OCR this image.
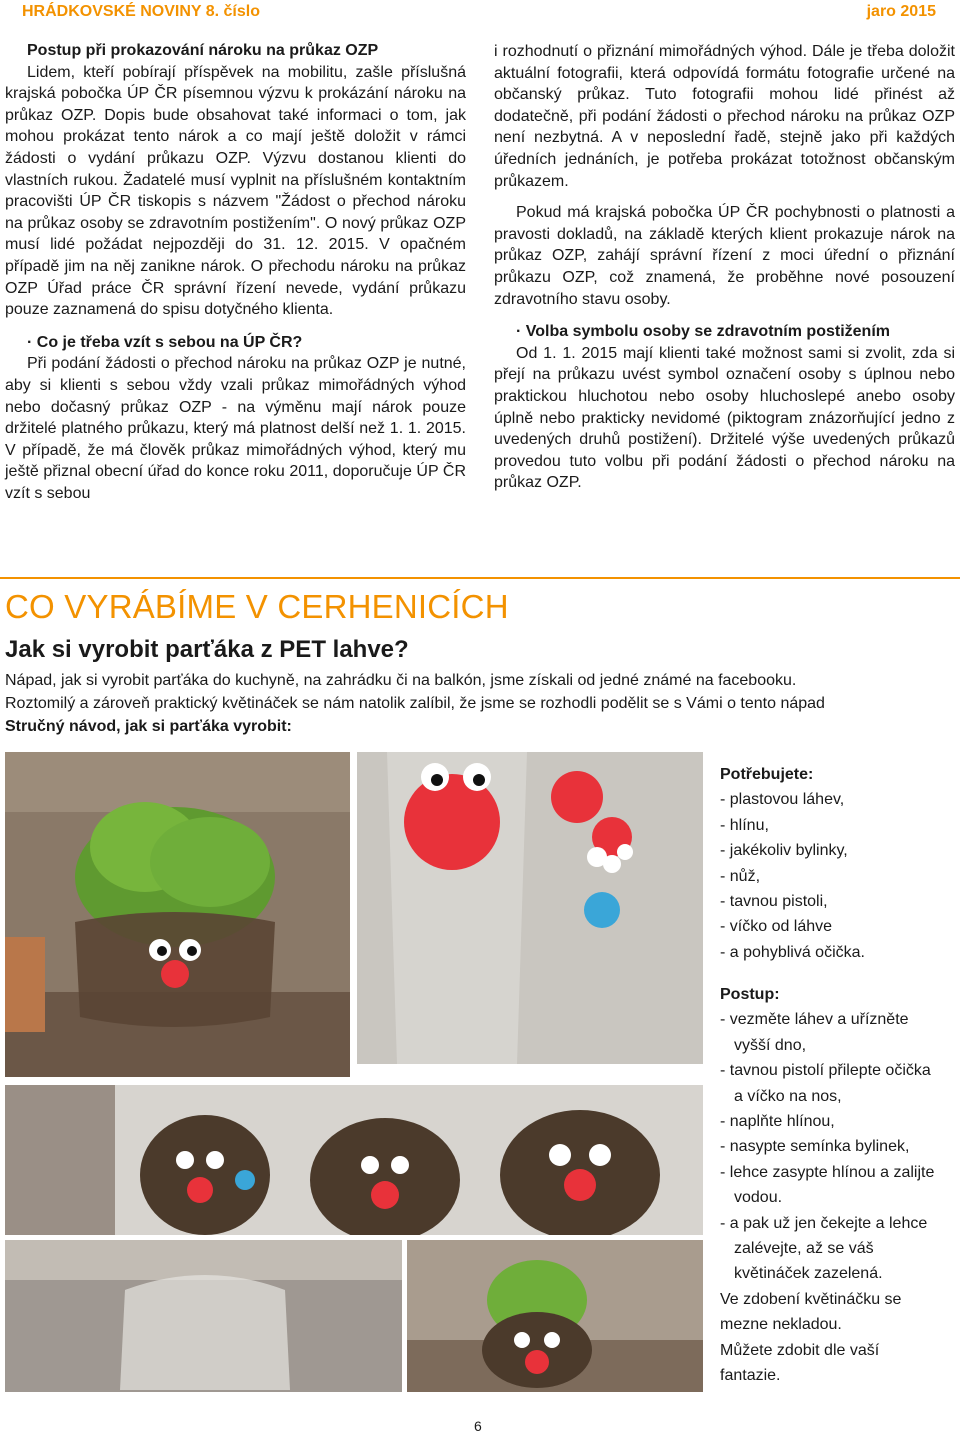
HRÁDKOVSKÉ NOVINY 8. číslo	jaro 2015

Postup při prokazování nároku na průkaz OZP

Lidem, kteří pobírají příspěvek na mobilitu, zašle příslušná krajská pobočka ÚP ČR písemnou výzvu k prokázání nároku na průkaz OZP. Dopis bude obsahovat také informaci o tom, jak mohou prokázat tento nárok a co mají ještě doložit v rámci žádosti o vydání průkazu OZP. Výzvu dostanou klienti do vlastních rukou. Žadatelé musí vyplnit na příslušném kontaktním pracovišti ÚP ČR tiskopis s názvem "Žádost o přechod nároku na průkaz osoby se zdravotním postižením". O nový průkaz OZP musí lidé požádat nejpozději do 31. 12. 2015. V opačném případě jim na něj zanikne nárok. O přechodu nároku na průkaz OZP Úřad práce ČR správní řízení nevede, vydání průkazu pouze zaznamená do spisu dotyčného klienta.

· Co je třeba vzít s sebou na ÚP ČR?

Při podání žádosti o přechod nároku na průkaz OZP je nutné, aby si klienti s sebou vždy vzali průkaz mimořádných výhod nebo dočasný průkaz OZP - na výměnu mají nárok pouze držitelé platného průkazu, který má platnost delší než 1. 1. 2015. V případě, že má člověk průkaz mimořádných výhod, který mu ještě přiznal obecní úřad do konce roku 2011, doporučuje ÚP ČR vzít s sebou

i rozhodnutí o přiznání mimořádných výhod. Dále je třeba doložit aktuální fotografii, která odpovídá formátu fotografie určené na občanský průkaz. Tuto fotografii mohou lidé přinést až dodatečně, při podání žádosti o přechod nároku na průkaz OZP není nezbytná. A v neposlední řadě, stejně jako při každých úředních jednáních, je potřeba prokázat totožnost občanským průkazem.

Pokud má krajská pobočka ÚP ČR pochybnosti o platnosti a pravosti dokladů, na základě kterých klient prokazuje nárok na průkaz OZP, zahájí správní řízení z moci úřední o přiznání průkazu OZP, což znamená, že proběhne nové posouzení zdravotního stavu osoby.

· Volba symbolu osoby se zdravotním postižením

Od 1. 1. 2015 mají klienti také možnost sami si zvolit, zda si přejí na průkazu uvést symbol označení osoby s úplnou nebo praktickou hluchotou nebo osoby hluchoslepé anebo osoby úplně nebo prakticky nevidomé (piktogram znázorňující jedno z uvedených druhů postižení). Držitelé výše uvedených průkazů provedou tuto volbu při podání žádosti o přechod nároku na průkaz OZP.

CO VYRÁBÍME V CERHENICÍCH
Jak si vyrobit parťáka z PET lahve?
Nápad, jak si vyrobit parťáka do kuchyně, na zahrádku či na balkón, jsme získali od jedné známé na facebooku.
Roztomilý a zároveň praktický květináček se nám natolik zalíbil, že jsme se rozhodli podělit se s Vámi o tento nápad
Stručný návod, jak si parťáka vyrobit:

Potřebujete:

- plastovou láhev,

- hlínu,

- jakékoliv bylinky,

- nůž,

- tavnou pistoli,

- víčko od láhve

- a pohyblivá očička.

Postup:

- vezměte láhev a uřízněte vyšší dno,

- tavnou pistolí přilepte očička a víčko na nos,

- naplňte hlínou,

- nasypte semínka bylinek,

- lehce zasypte hlínou a zalijte vodou.

- a pak už jen čekejte a lehce zalévejte, až se váš květináček zazelená.

Ve zdobení květináčku se mezne nekladou.

Můžete zdobit dle vaší fantazie.

6
